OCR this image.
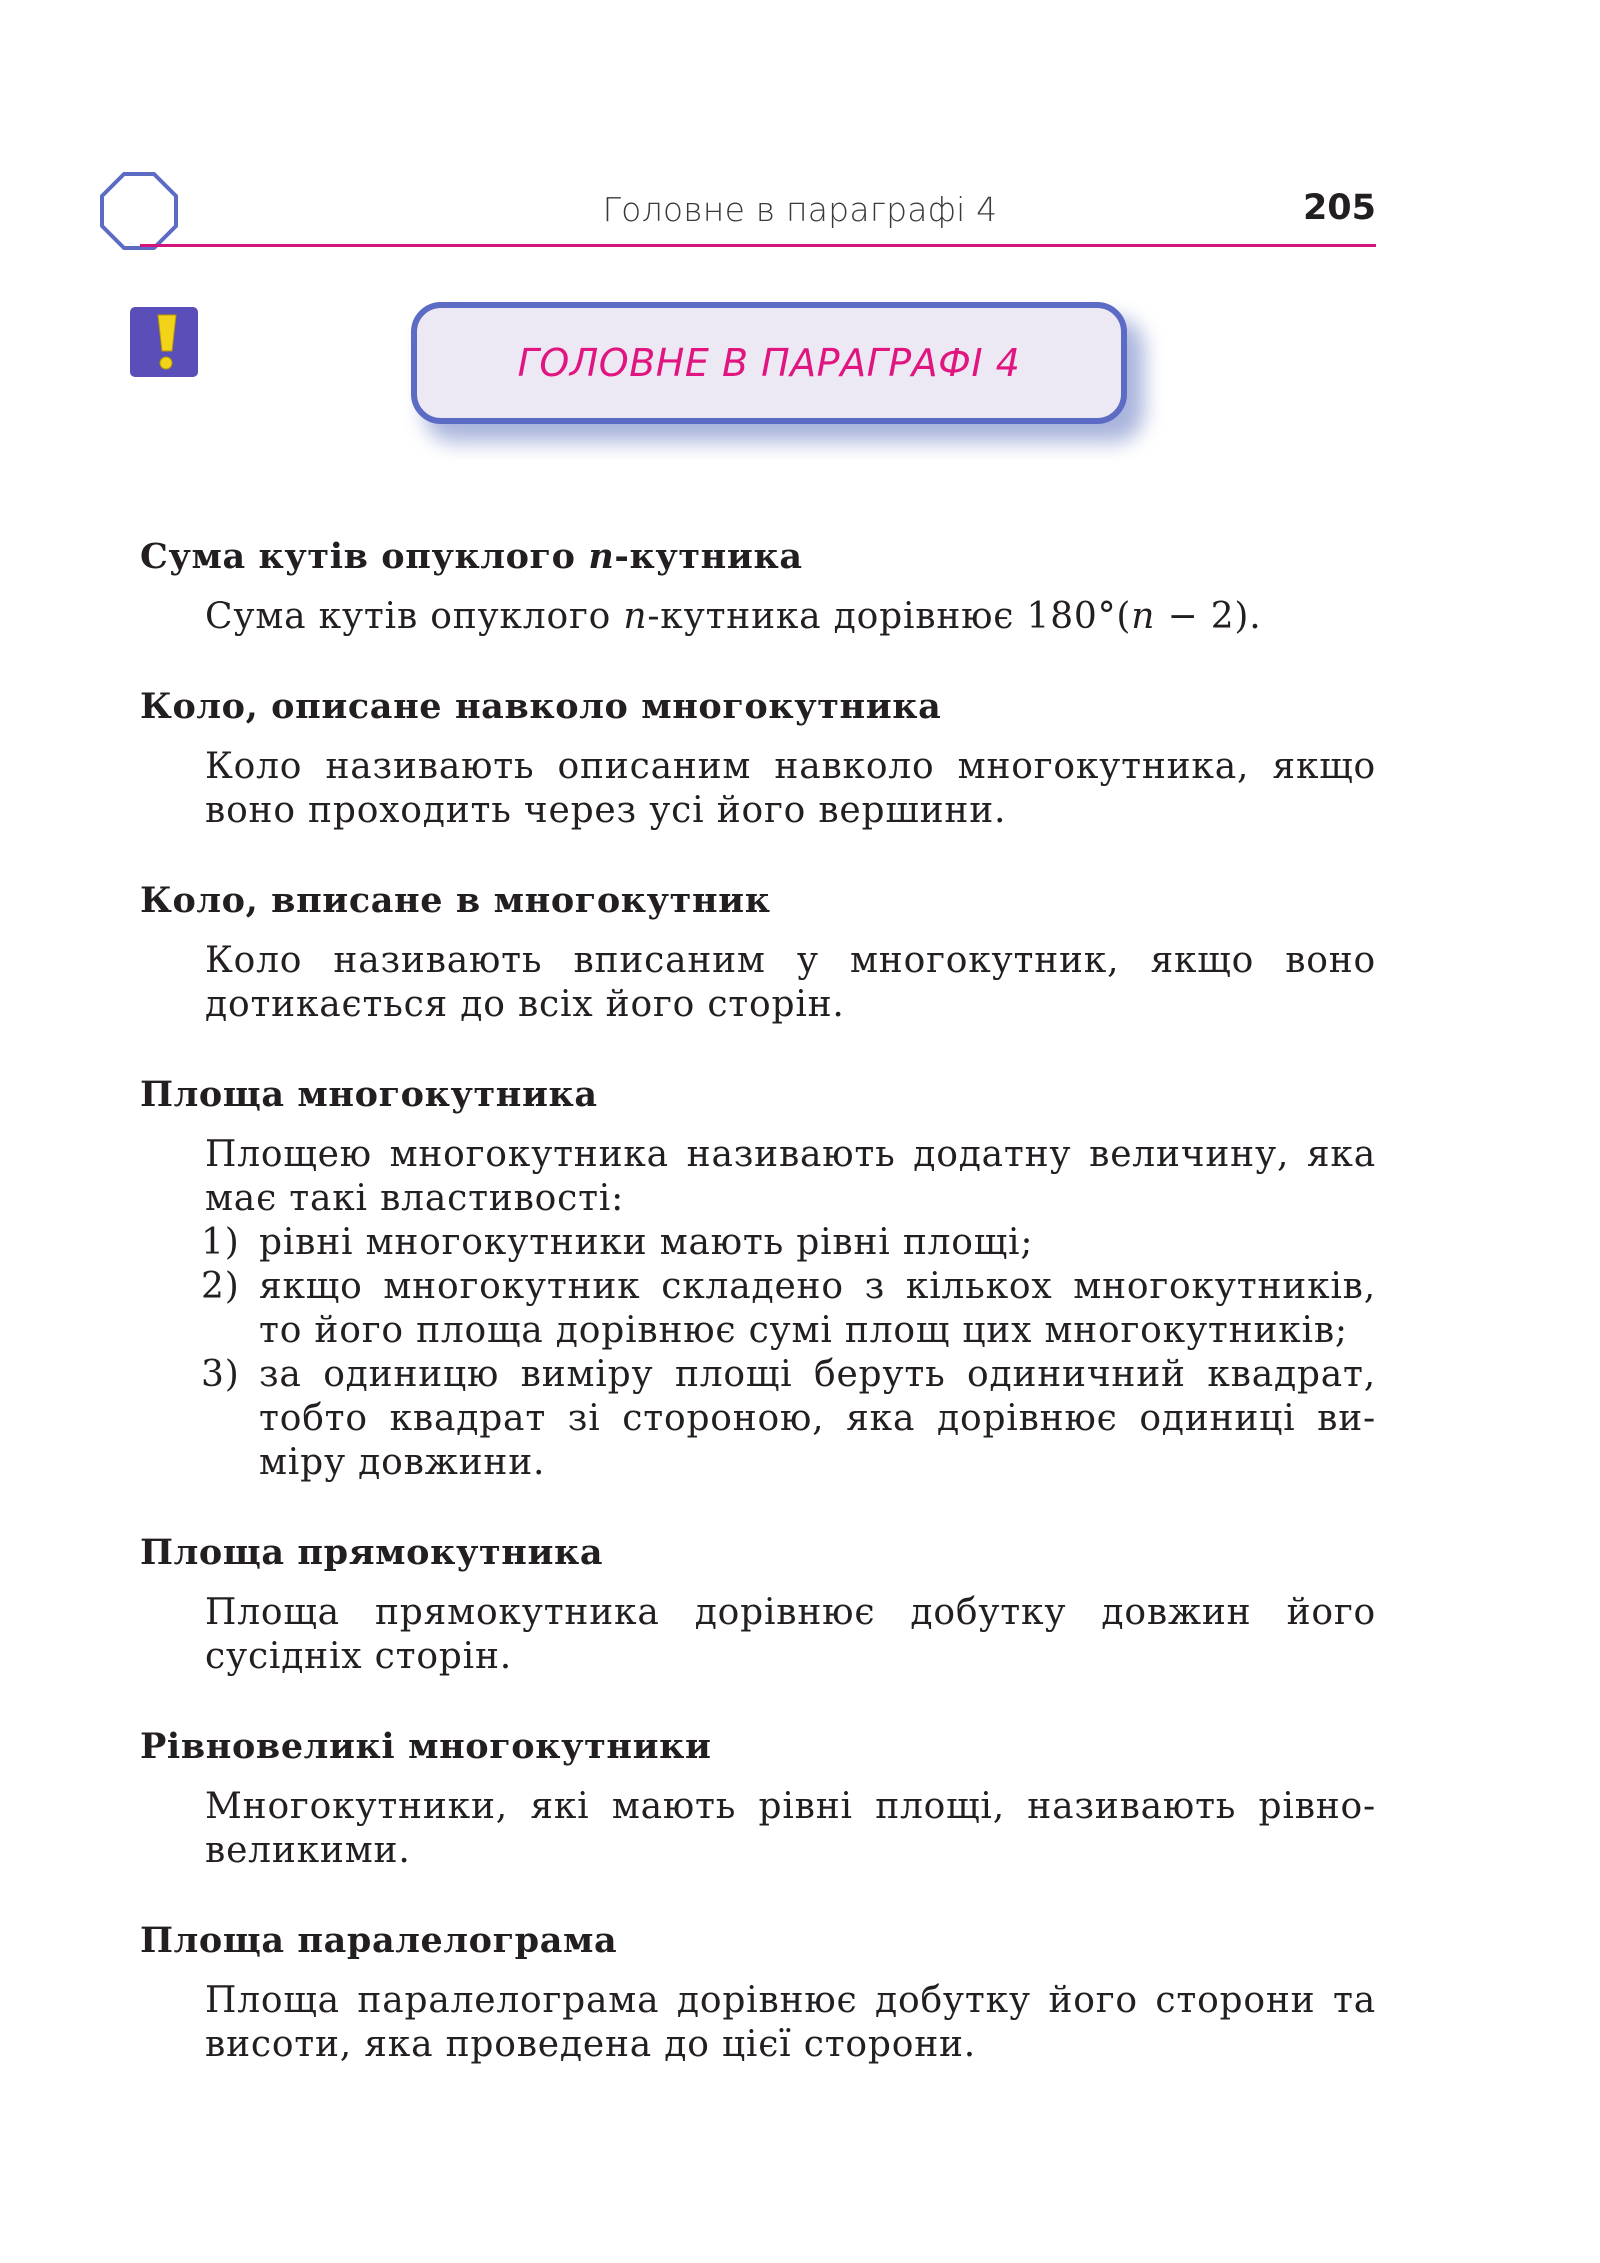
Головне в параграфі 4	205
ГОЛОВНЕ В ПАРАГРАФІ 4
Сума кутів опуклого n-кутника
Сума кутів опуклого n-кутника дорівнює 180°(n − 2).
Коло, описане навколо многокутника
Коло називають описаним навколо многокутника, якщо
воно проходить через усі його вершини.
Коло, вписане в многокутник
Коло називають вписаним у многокутник, якщо воно
дотикається до всіх його сторін.
Площа многокутника
Площею многокутника називають додатну величину, яка
має такі властивості:
1) рівні многокутники мають рівні площі;
2) якщо многокутник складено з кількох многокутників,
то його площа дорівнює сумі площ цих многокутників;
3) за одиницю виміру площі беруть одиничний квадрат,
тобто квадрат зі стороною, яка дорівнює одиниці ви-
міру довжини.
Площа прямокутника
Площа прямокутника дорівнює добутку довжин його
сусідніх сторін.
Рівновеликі многокутники
Многокутники, які мають рівні площі, називають рівно-
великими.
Площа паралелограма
Площа паралелограма дорівнює добутку його сторони та
висоти, яка проведена до цієї сторони.
